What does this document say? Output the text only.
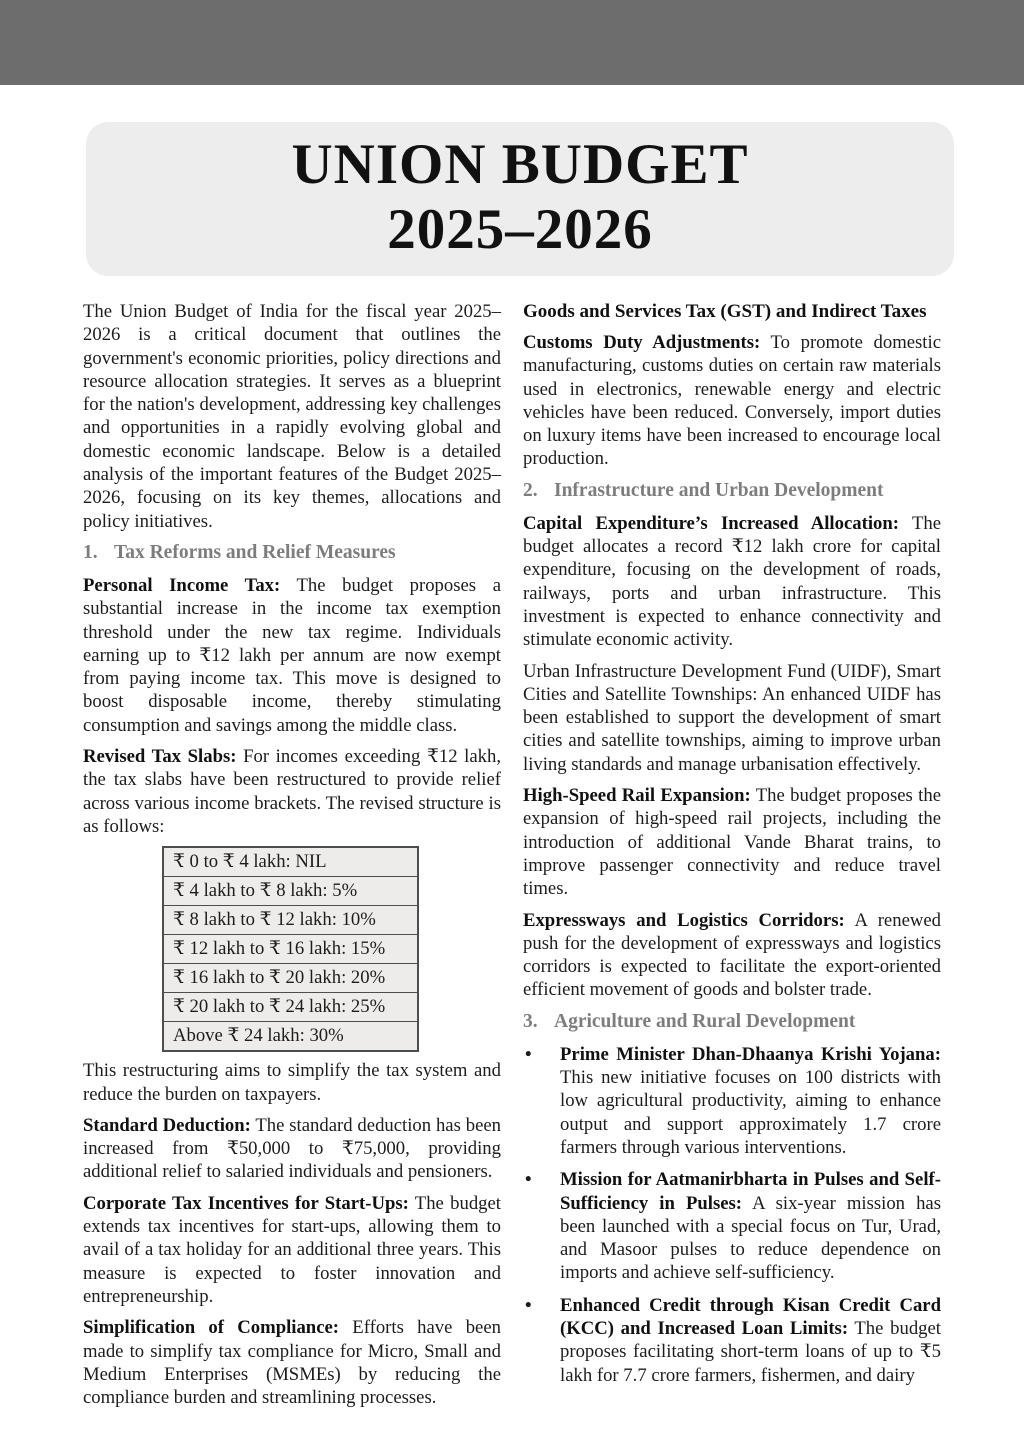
UNION BUDGET
2025–2026

The Union Budget of India for the fiscal year 2025–2026 is a critical document that outlines the government's economic priorities, policy directions and resource allocation strategies. It serves as a blueprint for the nation's development, addressing key challenges and opportunities in a rapidly evolving global and domestic economic landscape. Below is a detailed analysis of the important features of the Budget 2025–2026, focusing on its key themes, allocations and policy initiatives.

1. Tax Reforms and Relief Measures

Personal Income Tax: The budget proposes a substantial increase in the income tax exemption threshold under the new tax regime. Individuals earning up to ₹12 lakh per annum are now exempt from paying income tax. This move is designed to boost disposable income, thereby stimulating consumption and savings among the middle class.

Revised Tax Slabs: For incomes exceeding ₹12 lakh, the tax slabs have been restructured to provide relief across various income brackets. The revised structure is as follows:

₹ 0 to ₹ 4 lakh: NIL
₹ 4 lakh to ₹ 8 lakh: 5%
₹ 8 lakh to ₹ 12 lakh: 10%
₹ 12 lakh to ₹ 16 lakh: 15%
₹ 16 lakh to ₹ 20 lakh: 20%
₹ 20 lakh to ₹ 24 lakh: 25%
Above ₹ 24 lakh: 30%

This restructuring aims to simplify the tax system and reduce the burden on taxpayers.

Standard Deduction: The standard deduction has been increased from ₹50,000 to ₹75,000, providing additional relief to salaried individuals and pensioners.

Corporate Tax Incentives for Start-Ups: The budget extends tax incentives for start-ups, allowing them to avail of a tax holiday for an additional three years. This measure is expected to foster innovation and entrepreneurship.

Simplification of Compliance: Efforts have been made to simplify tax compliance for Micro, Small and Medium Enterprises (MSMEs) by reducing the compliance burden and streamlining processes.

Goods and Services Tax (GST) and Indirect Taxes

Customs Duty Adjustments: To promote domestic manufacturing, customs duties on certain raw materials used in electronics, renewable energy and electric vehicles have been reduced. Conversely, import duties on luxury items have been increased to encourage local production.

2. Infrastructure and Urban Development

Capital Expenditure’s Increased Allocation: The budget allocates a record ₹12 lakh crore for capital expenditure, focusing on the development of roads, railways, ports and urban infrastructure. This investment is expected to enhance connectivity and stimulate economic activity.

Urban Infrastructure Development Fund (UIDF), Smart Cities and Satellite Townships: An enhanced UIDF has been established to support the development of smart cities and satellite townships, aiming to improve urban living standards and manage urbanisation effectively.

High-Speed Rail Expansion: The budget proposes the expansion of high-speed rail projects, including the introduction of additional Vande Bharat trains, to improve passenger connectivity and reduce travel times.

Expressways and Logistics Corridors: A renewed push for the development of expressways and logistics corridors is expected to facilitate the export-oriented efficient movement of goods and bolster trade.

3. Agriculture and Rural Development
•	Prime Minister Dhan-Dhaanya Krishi Yojana: This new initiative focuses on 100 districts with low agricultural productivity, aiming to enhance output and support approximately 1.7 crore farmers through various interventions.
•	Mission for Aatmanirbharta in Pulses and Self-Sufficiency in Pulses: A six-year mission has been launched with a special focus on Tur, Urad, and Masoor pulses to reduce dependence on imports and achieve self-sufficiency.
•	Enhanced Credit through Kisan Credit Card (KCC) and Increased Loan Limits: The budget proposes facilitating short-term loans of up to ₹5 lakh for 7.7 crore farmers, fishermen, and dairy
